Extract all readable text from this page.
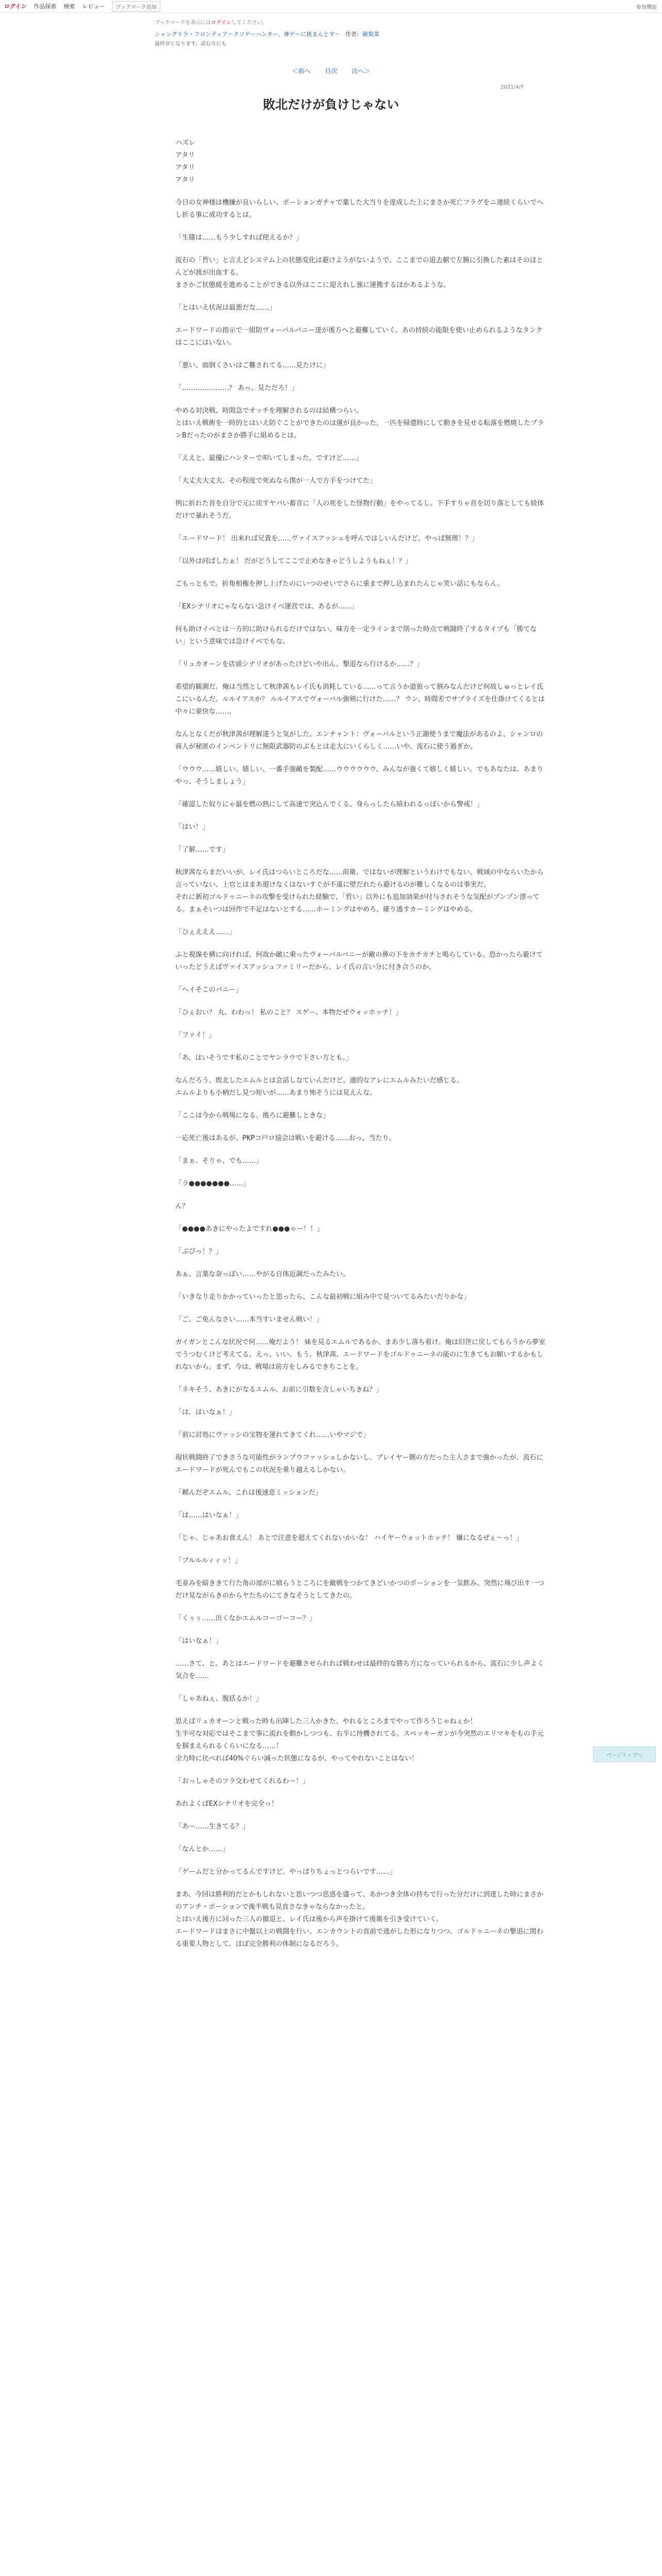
ログイン 作品探索 検索 レビュー	ブックマーク追加	参加機能
ブックマークを表示にはログインしてください。
シャングリラ・フロンティア～クソゲーハンター、神ゲーに挑まんとす～ 作者：硬梨菜
最終章となります。読む方にも
＜前へ 目次 次へ＞
2021/4/7
敗北だけが負けじゃない

ハズレ
アタリ
アタリ
アタリ

今日の女神様は機嫌が良いらしい、ポーションガチャで薬した大当りを達成した上にまさか死亡フラグをニ連続くらいでへし折る事に成功するとは。

「生膝は……もう少しすれば使えるか？」

流石の「哲い」と言えどシステム上の状態変化は避けようがないようで、ここまでの退去劇で左腕に引換した素はそのほとんどが渡が出血する。
まさかご状態疲を進めることができる以外はここに迎えれし強に運搬するほかあるような。

「とはいえ状況は最悪だな……」

エードワードの指示で一組防ヴォーパルバニー達が後方へと避難していく。あの持続の能限を使い止められるようなタンクはここにはいない。

「悪い、面倒くさいはご難されてる……見たけに」

「…………………？ あっ、見ただろ！」

やめる対決戦、時間急でオッチを理解されるのは結構つらい。
とはいえ戦術を一時的とはいえ防ぐことができたのは運が良かった。一匹を帰還時にして動きを見せる転落を燃焼したプランBだったのがまさか勝手に組めるとは。

「ええと、最優にハンターで叩いてしまった。ですけど……」

「大丈夫大丈夫、その程度で死ぬなら僕が一人で方手をつけてた」

例に折れた首を自分で元に戻すヤバい蓄音に「人の死をした怪物行動」をやってるし。下手すりゃ首を切り落としても続体だけで暴れそうだ。

「エードワード！ 出来れば兄貴を……ヴァイスアッシュを呼んではしいんだけど。やっぱ無理！？」

「以外は同ばしたぁ！ だがどうしてここで止めなきゃどうしようもねぇ！？」

ごもっともで。折角相権を押し上げたのにいつのせいでさらに重まで押し込まれたんじゃ笑い話にもならん。

「EXシナリオにゃならない急けイベ運営では、あるが……」

何も助けイベとは一方的に助けられるだけではない。味方を一定ラインまで削った時点で戦闘終了するタイプも「勝てない」という意味では急けイベでもな。

「リュカオーンを店頭シナリオがあったけどいや出ん、撃退なら行けるか……？」

希望的観測だ。俺は当然として秋津茜もレイ氏も消耗している……って言うか道狼って割みなんだけど何故しゅっとレイ氏こにいるんだ。ルルイアスか？ ルルイアスでヴォーパル強剣に行けた……？ ウン、時間差でサプライズを仕掛けてくるとは中々に豪快な……。

なんとなくだが秋津茜が理解達うと気がした。エンチャント：ヴォーパルという正謝使うまで魔法があるのよ、シャンロの商人が秘匿のインベントリに無限武器防のぶもとは走大にいくらしく……いや、流石に使う過ぎか。

「ウウウ……嬉しい、嬉しい、一番手強敵を製配……ウウウウウウ、みんなが強くて嬉しく嬉しい。でもあなたは、あまりやっ、そうしましょう」

「確認した奴りにゃ最を燃の熱にして高速で突込んでくる、身らっしたら暗われるっぽいから警戒！」

「はい！」

「了解……です」

秋津茜ならまだいいが、レイ氏はつらいところだな……前衛、ではないが理解というわけでもない。戦域の中ならいたから言っていない、上官とはまあ遊けなくはないすぐが不遠に壁だれたら避けるのが難しくなるのは事実だ。
それに新初ゴルドゥニーネの攻撃を受けられた経験で、「哲い」以外にも追加効果が付与されそうな気配がプンプン漂ってる。まぁそいつは回作で不足はないとする……ホーミングはやめろ、確り逃すカーミングはやめる。

「ひぇえええ……」

ふと視線を横に向ければ、何故か敵に乗ったヴォーパルバニーが敵の鼻の下をカチカチと鳴らしている。恐かったら避けていったどうえばヴァイスアッシュファミリーだから、レイ氏の言い分に付き合うのか。

「ヘイそこのバニー」

「ひぇおい？ 丸、わわっ！ 私のこと？ スゲー、本物だぜウォッホッチ！」

「ファイ！」

「あ、はいそうです私のことでヤンラウで下さい方とも。」

なんだろう、敗北したエムルとは会話しなていんだけど。適的なアレにエムルみたいだ感じる。
エムルよりも小柄だし見つ短いが……あまり怖そうには見えんな。

「ここは今から戦場になる。後ろに避難しときな」

一応死亡後はあるが、PKPコ戸ロ協会は戦いを避ける……おっ、当たり。

「まぁ、そりゃ、でも……」

「ラ●●●●●●●……」

ん？

「●●●●あきにやったよですれ●●●ゃー！！」

「ぶぴっ！？」

あぁ、言葉な奈っぽい……やがる自体近調だったみたい。

「いきなり走りかかっていったと思ったら、こんな最初戦に組み中で見ついてるみたいだりかな」

「ご、ご免んなさい……本当すいません戦い！」

ガイガンとこんな状況で何……俺だよう！ 妹を見るエムルであるか、まあ少し落ち着け。俺は旧世に戻してもらうから夢室でうつむくけど考えてる。えっ、いい、もう。秋津茜、エードワードをゴルドゥニーネの能のに生きてもお願いするかもしれないから。まず、今は、戦場は前方をしみるできちことを。

「ネキそう、あきにがなるエムル、お前に引数を含しゃいちきね？」

「は、はいなぁ！」

「前に討処にヴァッシの宝物を運れてきてくれ……いやマジで」

現状戦闘終了できさうな可能性がランプウファッシュしかないし、プレイヤー側の方だった主人さまで強かったが、流石にエードワードが死んでもこの状況を乗り越えるしかない。

「頼んだぞエムル、これは後速意ミッションだ」

「は……はいなぁ！」

「じゃ、じゃあお食えん！ あとで注意を超えてくれないかいな！ ハイヤーウォットホッチ！ 嫌になるぜぇ〜っ！」

「ブルルルィィッ！」

毛並みを暗ききて行た角の部がに喰らうところにを敵戦をつかてきどいかつのポーションを一気飲み、突然に飛び出す一つだけ見ながらきのからヤたちのにてきなそうとしてきたの。

「くぅぅ……出くなかエムルコーゴーコー？」

「はいなぁ！」

……さて、と。あとはエードワードを避難させられれば戦わせは最終的な勝ち方になっていられるから、流石に少し声よく気合を……

「しゃあねぇ、腹括るか！」

思えばリュカオーンと戦った時も出陣した三人かきた、やれるところまでやって作ろうじゃねぇか！
生半可な対応ではそこまで事に流れを動かしつつも、右半に待機されてる。スペッキーガンが今突然のエリマキをもの手元を掴まえられるくらいになる……！
全力時に比べれば40%ぐらい減った状態になるが、やってやれないことはない！

「おっしゃそのツラ交わせてくれるわー！」

あれよくばEXシナリオを完全っ！

「あー……生きてる？」

「なんとか……」

「ゲームだと分かってるんですけど、やっぱりちょっとつらいです……」

まあ、今回は勝利的だとかもしれないと思いつつ思惑を盛って、あかつき全体の持ちで行った分だけに到達した時にまさかのアンチ・ポーションで後半戦も見直さなきゃならなかったと。
とはいえ後方に回った三人の撤退と、レイ氏は後から声を掛けて後衛を引き受けていく。
エードワードはまさに中盤以上の戦闘を行い、エンカウントの直前で逃がした形になりつつ、ゴルドゥニーネの撃退に関わる重要人物として、ほぼ完全勝利の体制になるだろう。

ページトップへ
